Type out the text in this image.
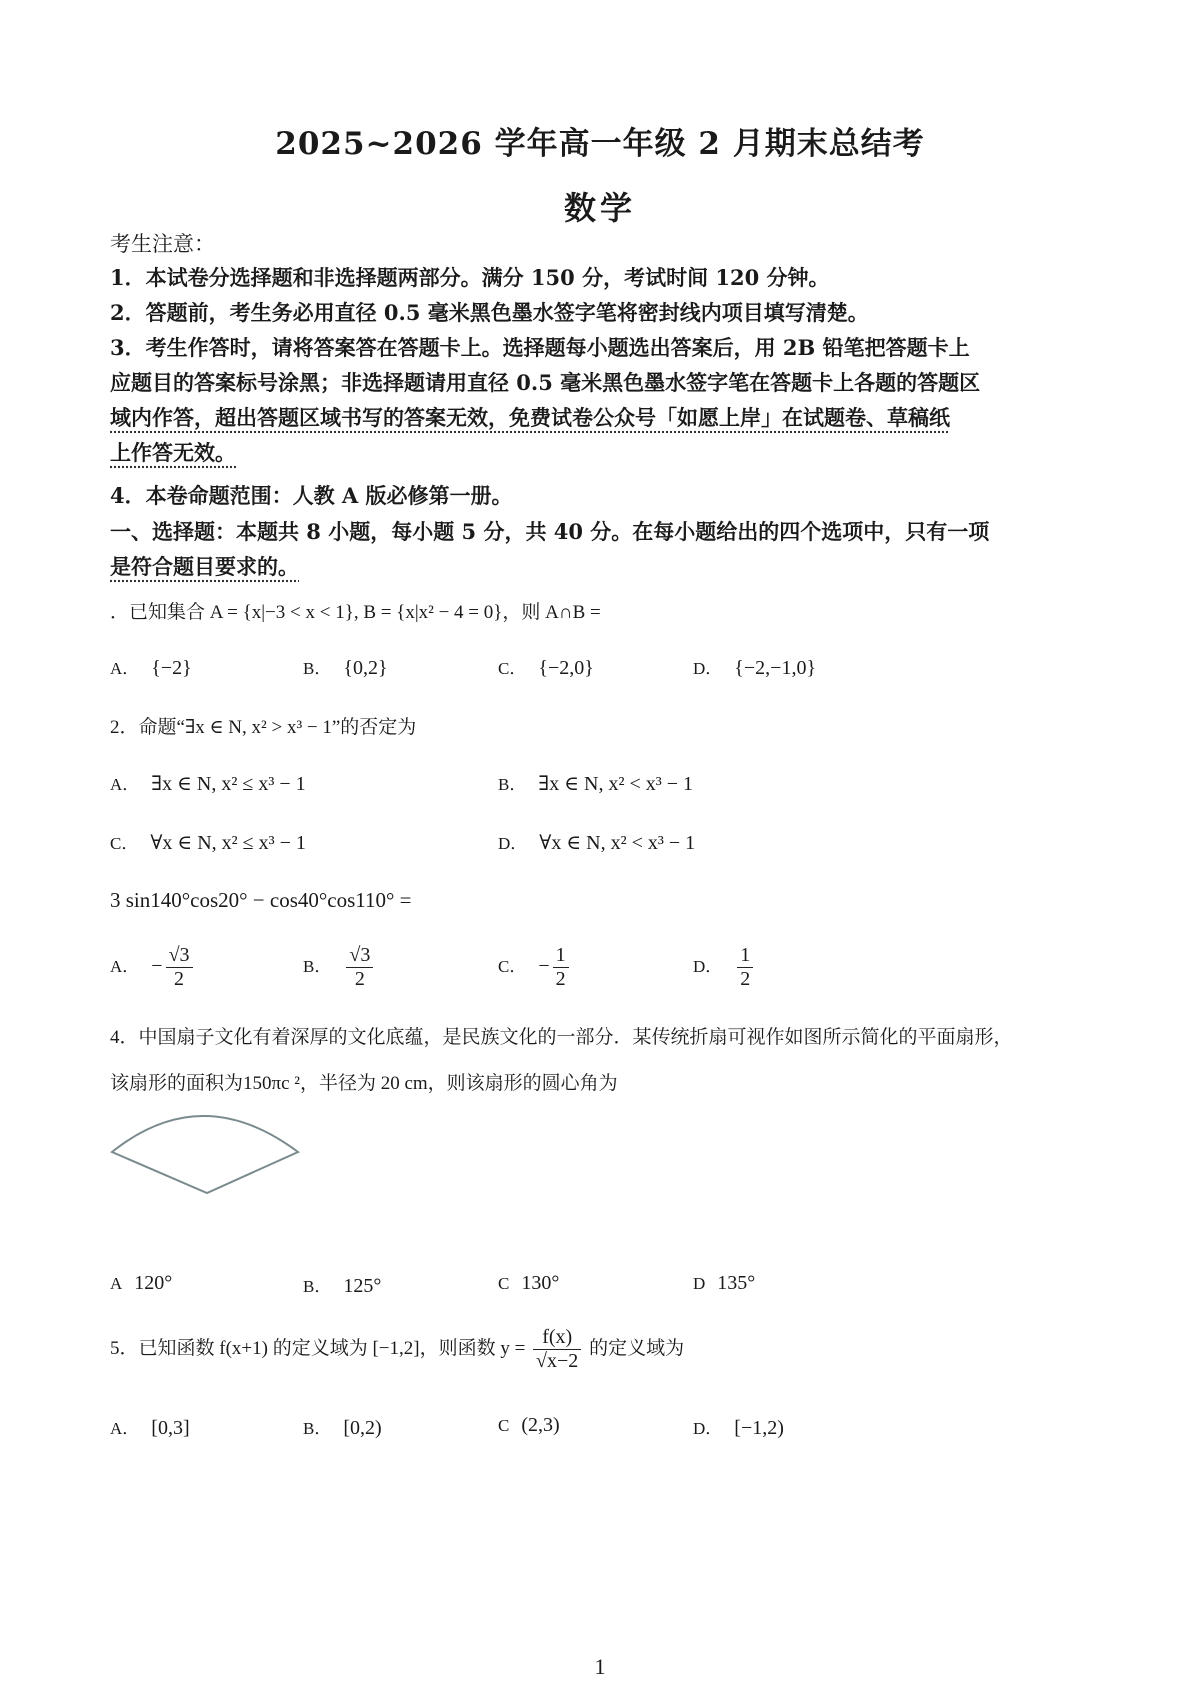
2025~2026 学年高一年级 2 月期末总结考
数学
考生注意：
1．本试卷分选择题和非选择题两部分。满分 150 分，考试时间 120 分钟。
2．答题前，考生务必用直径 0.5 毫米黑色墨水签字笔将密封线内项目填写清楚。
3．考生作答时，请将答案答在答题卡上。选择题每小题选出答案后，用 2B 铅笔把答题卡上
应题目的答案标号涂黑；非选择题请用直径 0.5 毫米黑色墨水签字笔在答题卡上各题的答题区
域内作答，超出答题区域书写的答案无效，免费试卷公众号「如愿上岸」在试题卷、草稿纸
上作答无效。
4．本卷命题范围：人教 A 版必修第一册。
一、选择题：本题共 8 小题，每小题 5 分，共 40 分。在每小题给出的四个选项中，只有一项
是符合题目要求的。
．已知集合 A = {x|−3 < x < 1}, B = {x|x² − 4 = 0}，则 A∩B =
A． {−2}	B． {0,2}	C． {−2,0}	D． {−2,−1,0}
2．命题“∃x ∈ N, x² > x³ − 1”的否定为
A． ∃x ∈ N, x² ≤ x³ − 1	B． ∃x ∈ N, x² < x³ − 1
C． ∀x ∈ N, x² ≤ x³ − 1	D． ∀x ∈ N, x² < x³ − 1
3 sin140°cos20° − cos40°cos110° =
A． − $\frac{√3}{2}$	B． $\frac{√3}{2}$	C． − $\frac{1}{2}$	D． $\frac{1}{2}$
4．中国扇子文化有着深厚的文化底蕴，是民族文化的一部分．某传统折扇可视作如图所示简化的平面扇形，
该扇形的面积为150πc ²，半径为 20 cm，则该扇形的圆心角为
A 120°	B． 125°	C 130°	D 135°
5．已知函数 f(x+1) 的定义域为 [−1,2]，则函数 $y = \frac{f(x)}{√x-2}$ 的定义域为
A． [0,3]	B． [0,2)	C (2,3)	D． [−1,2)
1
